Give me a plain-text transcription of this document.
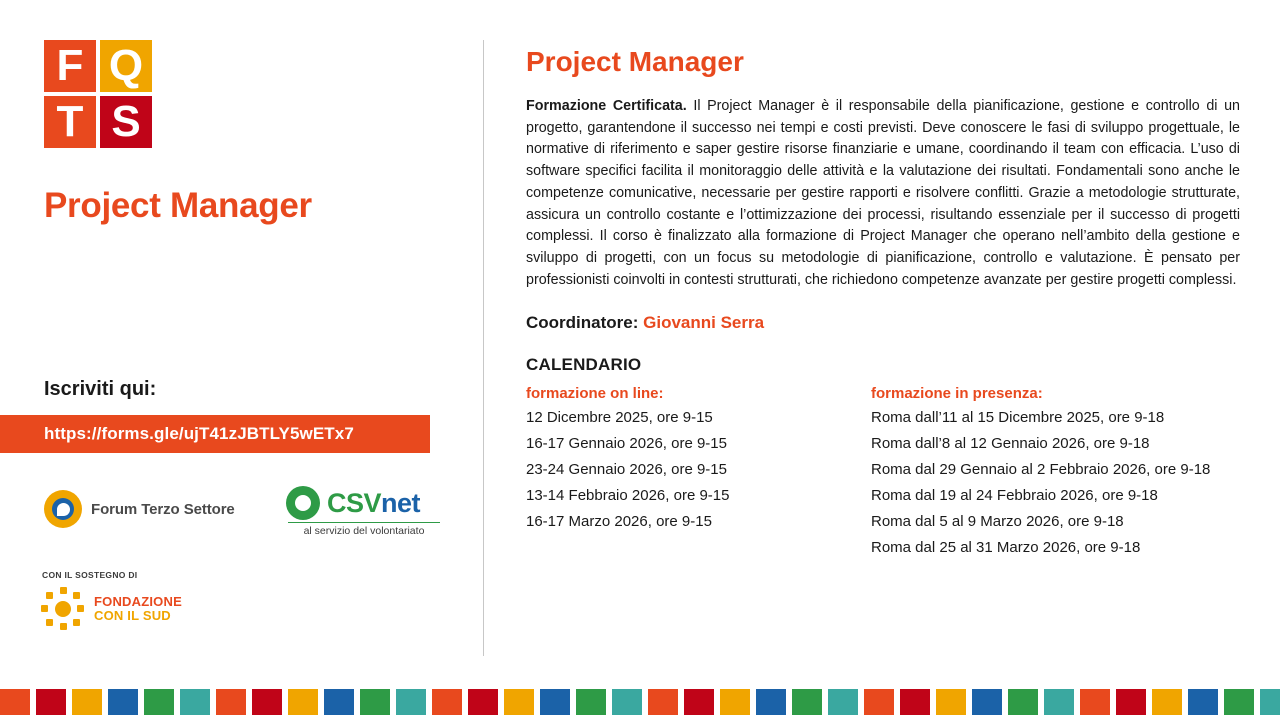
F Q
T S
Project Manager
Iscriviti qui:
https://forms.gle/ujT41zJBTLY5wETx7
Forum Terzo Settore	CSVnet
al servizio del volontariato
CON IL SOSTEGNO DI
FONDAZIONE
CON IL SUD
Project Manager

Formazione Certificata. Il Project Manager è il responsabile della pianificazione, gestione e controllo di un progetto, garantendone il successo nei tempi e costi previsti. Deve conoscere le fasi di sviluppo progettuale, le normative di riferimento e saper gestire risorse finanziarie e umane, coordinando il team con efficacia. L’uso di software specifici facilita il monitoraggio delle attività e la valutazione dei risultati. Fondamentali sono anche le competenze comunicative, necessarie per gestire rapporti e risolvere conflitti. Grazie a metodologie strutturate, assicura un controllo costante e l’ottimizzazione dei processi, risultando essenziale per il successo di progetti complessi. Il corso è finalizzato alla formazione di Project Manager che operano nell’ambito della gestione e sviluppo di progetti, con un focus su metodologie di pianificazione, controllo e valutazione. È pensato per professionisti coinvolti in contesti strutturati, che richiedono competenze avanzate per gestire progetti complessi.

Coordinatore: Giovanni Serra
CALENDARIO
formazione on line:
12 Dicembre 2025, ore 9-15
16-17 Gennaio 2026, ore 9-15
23-24 Gennaio 2026, ore 9-15
13-14 Febbraio 2026, ore 9-15
16-17 Marzo 2026, ore 9-15
formazione in presenza:
Roma dall’11 al 15 Dicembre 2025, ore 9-18
Roma dall’8 al 12 Gennaio 2026, ore 9-18
Roma dal 29 Gennaio al 2 Febbraio 2026, ore 9-18
Roma dal 19 al 24 Febbraio 2026, ore 9-18
Roma dal 5 al 9 Marzo 2026, ore 9-18
Roma dal 25 al 31 Marzo 2026, ore 9-18
